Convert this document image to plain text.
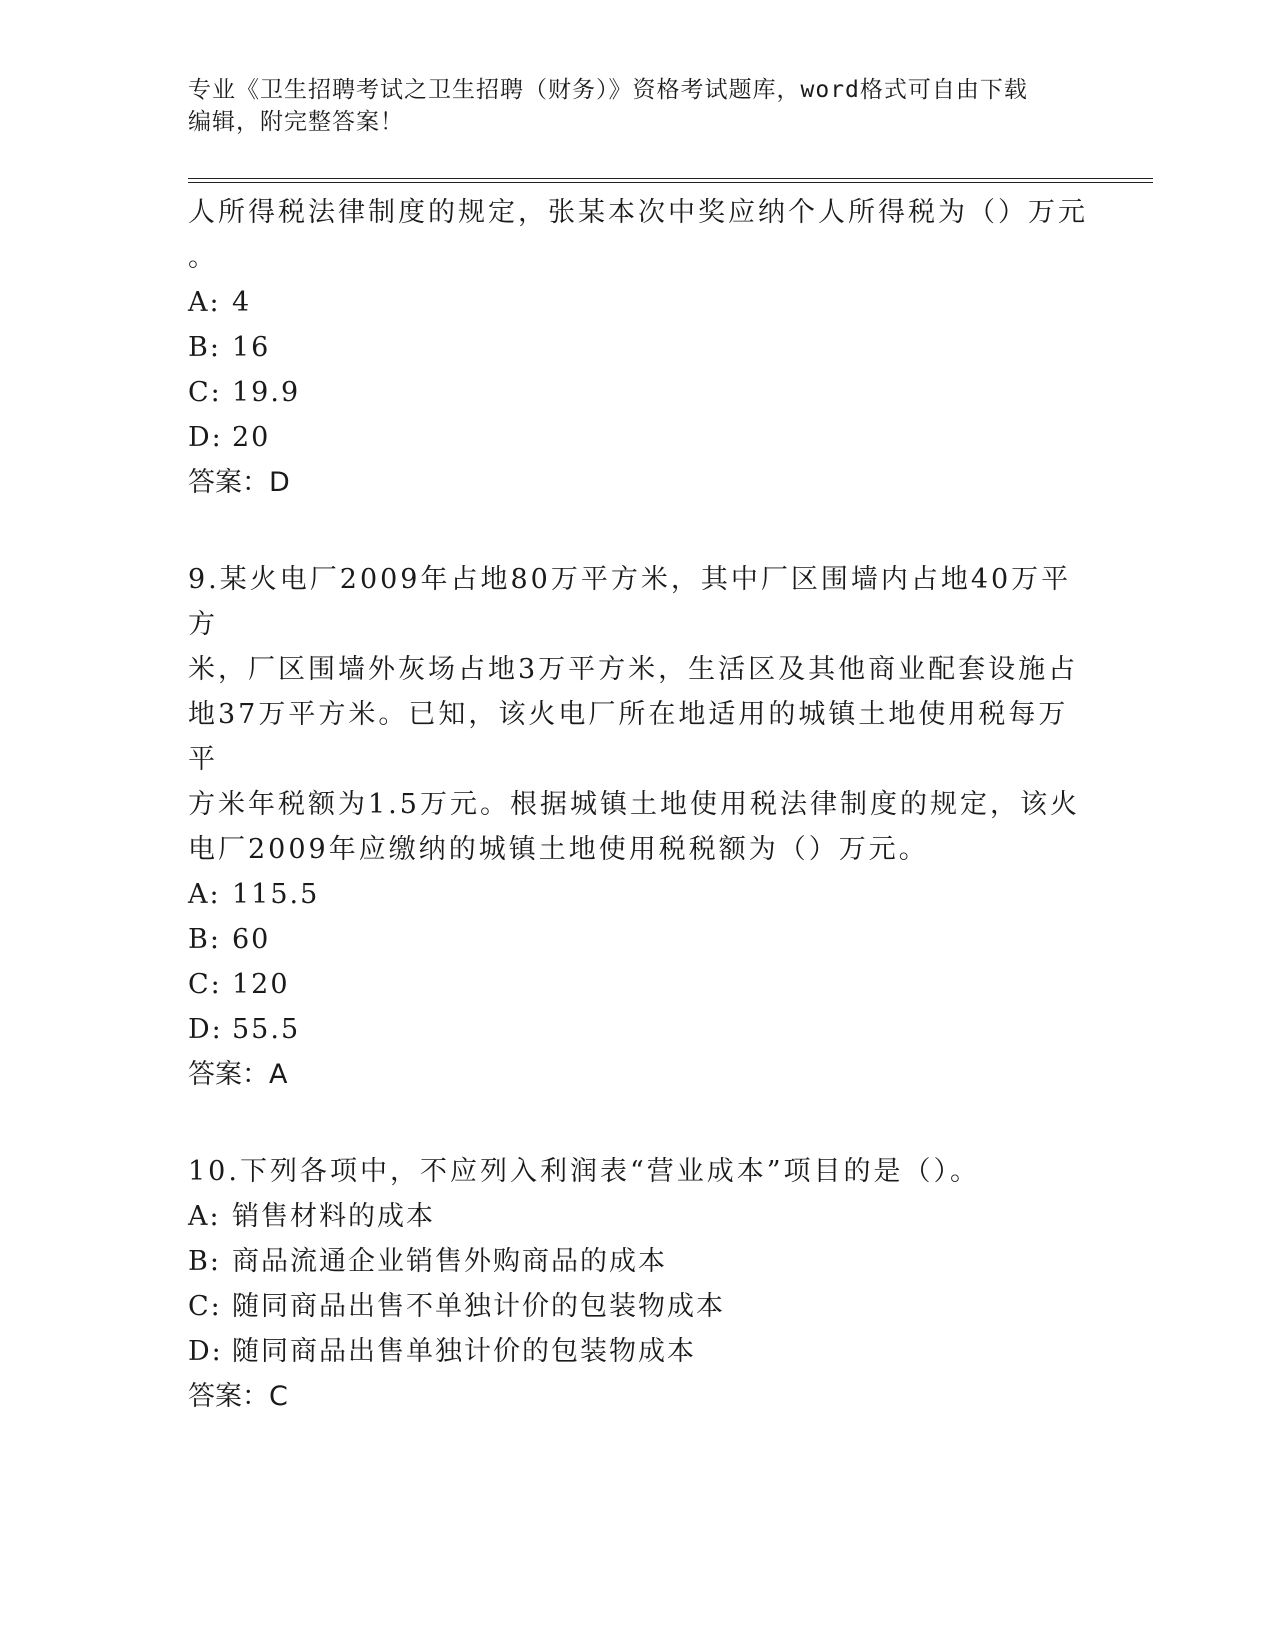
专业《卫生招聘考试之卫生招聘（财务）》资格考试题库，word格式可自由下载
编辑，附完整答案！

人所得税法律制度的规定，张某本次中奖应纳个人所得税为（）万元

。

A: 4
B: 16
C: 19.9
D: 20

答案：D

9.某火电厂2009年占地80万平方米，其中厂区围墙内占地40万平方

米，厂区围墙外灰场占地3万平方米，生活区及其他商业配套设施占

地37万平方米。已知，该火电厂所在地适用的城镇土地使用税每万平

方米年税额为1.5万元。根据城镇土地使用税法律制度的规定，该火

电厂2009年应缴纳的城镇土地使用税税额为（）万元。

A: 115.5
B: 60
C: 120
D: 55.5

答案：A

10.下列各项中，不应列入利润表“营业成本”项目的是（）。

A: 销售材料的成本
B: 商品流通企业销售外购商品的成本
C: 随同商品出售不单独计价的包装物成本
D: 随同商品出售单独计价的包装物成本

答案：C
